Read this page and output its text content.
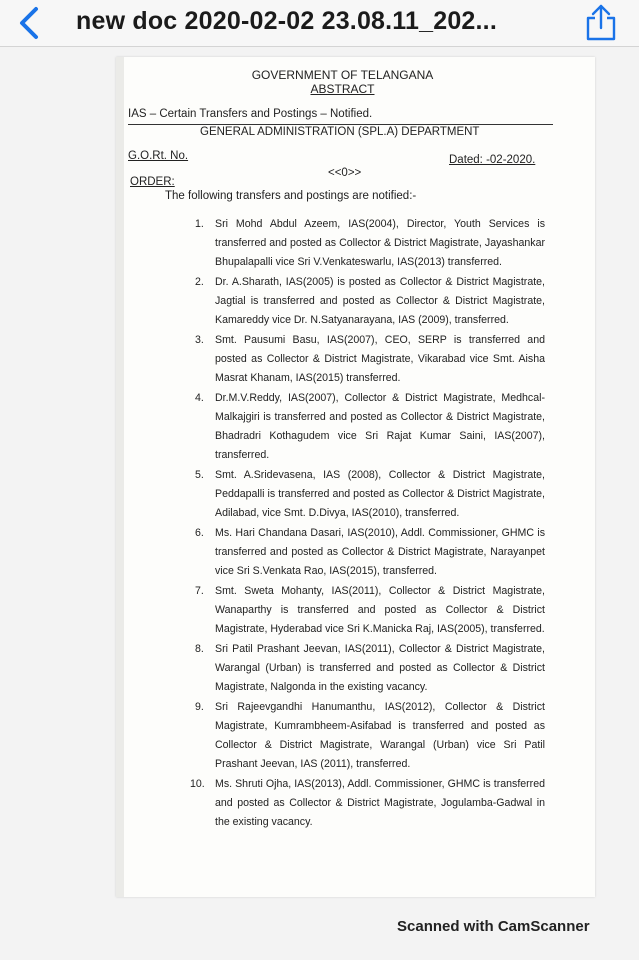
new doc 2020-02-02 23.08.11_202...
GOVERNMENT OF TELANGANA
ABSTRACT
IAS – Certain Transfers and Postings – Notified.
GENERAL ADMINISTRATION (SPL.A) DEPARTMENT
G.O.Rt. No.	Dated: -02-2020.
<<0>>
ORDER:
The following transfers and postings are notified:-
1. Sri Mohd Abdul Azeem, IAS(2004), Director, Youth Services is transferred and posted as Collector & District Magistrate, Jayashankar Bhupalapalli vice Sri V.Venkateswarlu, IAS(2013) transferred.
2. Dr. A.Sharath, IAS(2005) is posted as Collector & District Magistrate, Jagtial is transferred and posted as Collector & District Magistrate, Kamareddy vice Dr. N.Satyanarayana, IAS (2009), transferred.
3. Smt. Pausumi Basu, IAS(2007), CEO, SERP is transferred and posted as Collector & District Magistrate, Vikarabad vice Smt. Aisha Masrat Khanam, IAS(2015) transferred.
4. Dr.M.V.Reddy, IAS(2007), Collector & District Magistrate, Medhcal-Malkajgiri is transferred and posted as Collector & District Magistrate, Bhadradri Kothagudem vice Sri Rajat Kumar Saini, IAS(2007), transferred.
5. Smt. A.Sridevasena, IAS (2008), Collector & District Magistrate, Peddapalli is transferred and posted as Collector & District Magistrate, Adilabad, vice Smt. D.Divya, IAS(2010), transferred.
6. Ms. Hari Chandana Dasari, IAS(2010), Addl. Commissioner, GHMC is transferred and posted as Collector & District Magistrate, Narayanpet vice Sri S.Venkata Rao, IAS(2015), transferred.
7. Smt. Sweta Mohanty, IAS(2011), Collector & District Magistrate, Wanaparthy is transferred and posted as Collector & District Magistrate, Hyderabad vice Sri K.Manicka Raj, IAS(2005), transferred.
8. Sri Patil Prashant Jeevan, IAS(2011), Collector & District Magistrate, Warangal (Urban) is transferred and posted as Collector & District Magistrate, Nalgonda in the existing vacancy.
9. Sri Rajeevgandhi Hanumanthu, IAS(2012), Collector & District Magistrate, Kumrambheem-Asifabad is transferred and posted as Collector & District Magistrate, Warangal (Urban) vice Sri Patil Prashant Jeevan, IAS (2011), transferred.
10. Ms. Shruti Ojha, IAS(2013), Addl. Commissioner, GHMC is transferred and posted as Collector & District Magistrate, Jogulamba-Gadwal in the existing vacancy.
Scanned with CamScanner
